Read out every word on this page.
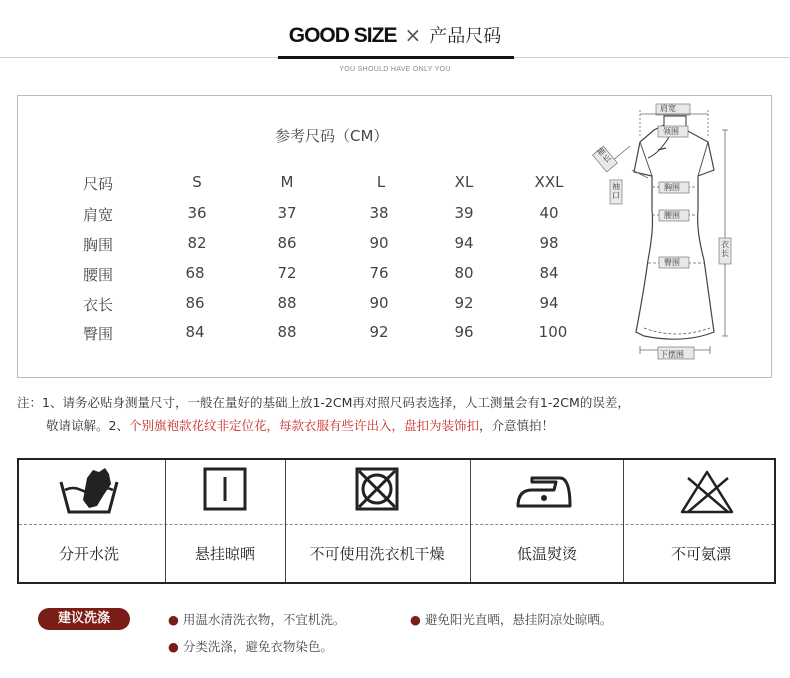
GOOD SIZE × 产品尺码
YOU SHOULD HAVE ONLY YOU
参考尺码（CM）
尺码	S	M	L	XL	XXL
肩宽	36	37	38	39	40
胸围	82	86	90	94	98
腰围	68	72	76	80	84
衣长	86	88	90	92	94
臀围	84	88	92	96	100
肩宽
领围
袖长
袖口
胸围
腰围
臀围
衣长
下摆围
注：1、请务必贴身测量尺寸，一般在量好的基础上放1-2CM再对照尺码表选择，人工测量会有1-2CM的误差，
敬请谅解。2、个别旗袍款花纹非定位花，每款衣服有些许出入，盘扣为装饰扣，介意慎拍！
分开水洗	悬挂晾晒	不可使用洗衣机干燥	低温熨烫	不可氨漂
建议洗涤	● 用温水清洗衣物，不宜机洗。	● 避免阳光直晒，悬挂阴凉处晾晒。
● 分类洗涤，避免衣物染色。
